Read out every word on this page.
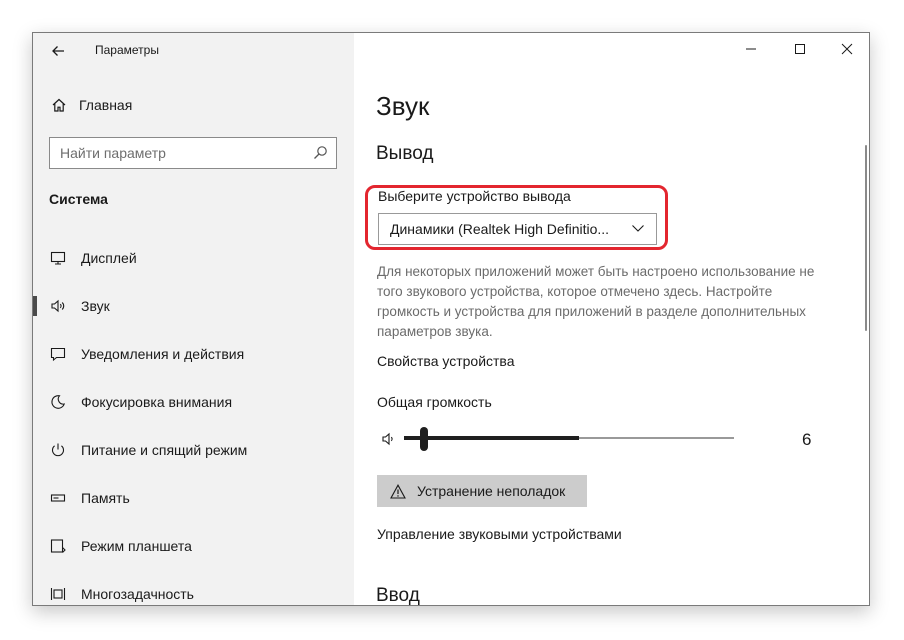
Параметры
Главная
Найти параметр
Система
Дисплей
Звук
Уведомления и действия
Фокусировка внимания
Питание и спящий режим
Память
Режим планшета
Многозадачность
Звук
Вывод
Выберите устройство вывода
Динамики (Realtek High Definitio...
Для некоторых приложений может быть настроено использование не того звукового устройства, которое отмечено здесь. Настройте громкость и устройства для приложений в разделе дополнительных параметров звука.
Свойства устройства
Общая громкость
6
Устранение неполадок
Управление звуковыми устройствами
Ввод
